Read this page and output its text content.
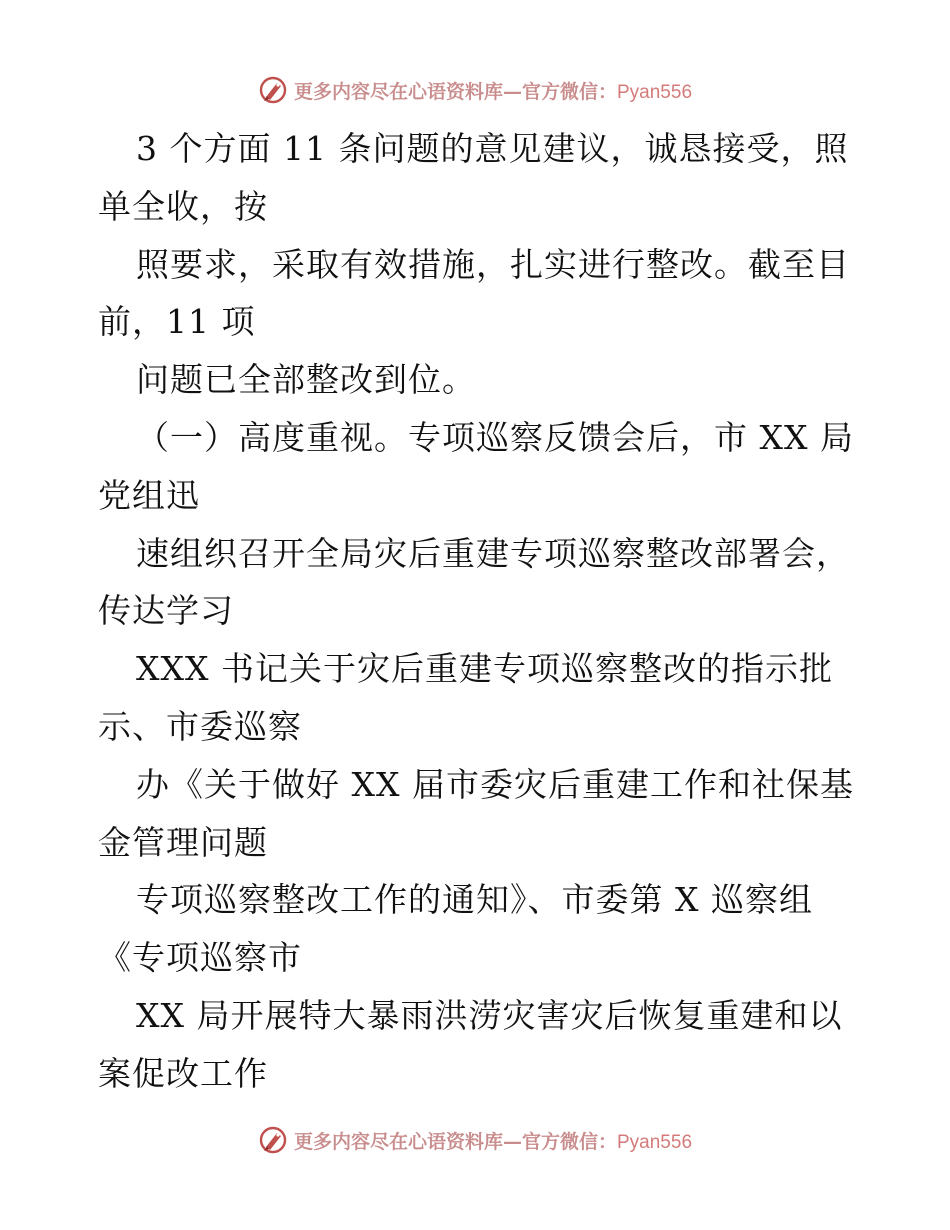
更多内容尽在心语资料库—官方微信：Pyan556
3 个方面 11 条问题的意见建议，诚恳接受，照
单全收，按
照要求，采取有效措施，扎实进行整改。截至目
前，11 项
问题已全部整改到位。
（一）高度重视。专项巡察反馈会后，市 XX 局
党组迅
速组织召开全局灾后重建专项巡察整改部署会，
传达学习
XXX 书记关于灾后重建专项巡察整改的指示批
示、市委巡察
办《关于做好 XX 届市委灾后重建工作和社保基
金管理问题
专项巡察整改工作的通知》、市委第 X 巡察组
《专项巡察市
XX 局开展特大暴雨洪涝灾害灾后恢复重建和以
案促改工作
更多内容尽在心语资料库—官方微信：Pyan556
